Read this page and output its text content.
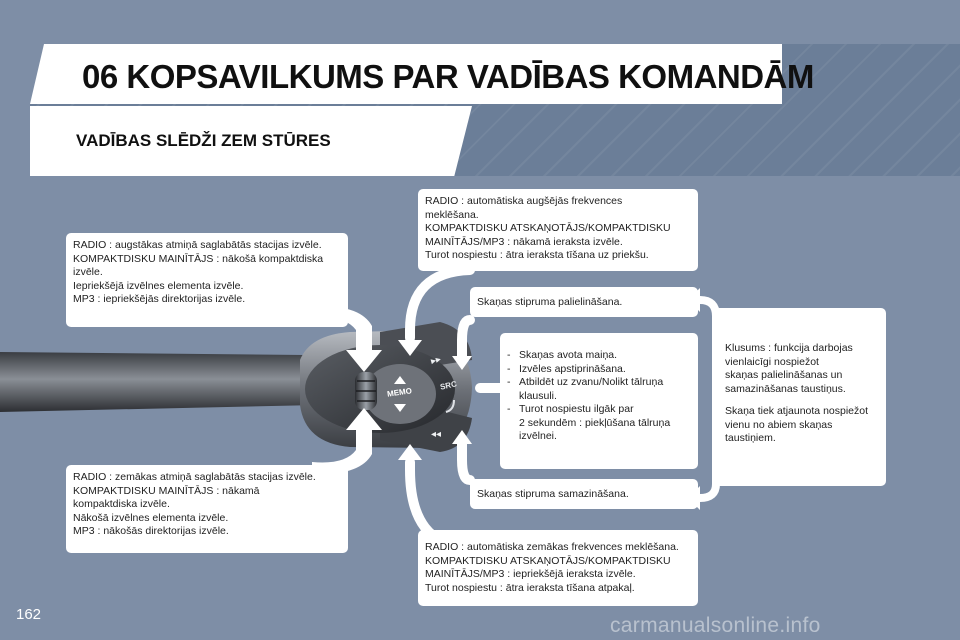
06 KOPSAVILKUMS PAR VADĪBAS KOMANDĀM
VADĪBAS SLĒDŽI ZEM STŪRES
RADIO : augstākas atmiņā saglabātās stacijas izvēle.
KOMPAKTDISKU MAINĪTĀJS : nākošā kompaktdiska
izvēle.
Iepriekšējā izvēlnes elementa izvēle.
MP3 : iepriekšējās direktorijas izvēle.
RADIO : zemākas atmiņā saglabātās stacijas izvēle.
KOMPAKTDISKU MAINĪTĀJS : nākamā
kompaktdiska izvēle.
Nākošā izvēlnes elementa izvēle.
MP3 : nākošās direktorijas izvēle.
RADIO : automātiska augšējās frekvences
meklēšana.
KOMPAKTDISKU ATSKAŅOTĀJS/KOMPAKTDISKU
MAINĪTĀJS/MP3 : nākamā ieraksta izvēle.
Turot nospiestu : ātra ieraksta tīšana uz priekšu.
Skaņas stipruma palielināšana.
- Skaņas avota maiņa.
- Izvēles apstiprināšana.
- Atbildēt uz zvanu/Nolikt tālruņa
klausuli.
- Turot nospiestu ilgāk par
2 sekundēm : piekļūšana tālruņa
izvēlnei.
Skaņas stipruma samazināšana.
RADIO : automātiska zemākas frekvences meklēšana.
KOMPAKTDISKU ATSKAŅOTĀJS/KOMPAKTDISKU
MAINĪTĀJS/MP3 : iepriekšējā ieraksta izvēle.
Turot nospiestu : ātra ieraksta tīšana atpakaļ.
Klusums : funkcija darbojas
vienlaicīgi nospiežot
skaņas palielināšanas un
samazināšanas taustiņus.
Skaņa tiek atjaunota nospiežot
vienu no abiem skaņas
taustiņiem.
MEMO
SRC
▸▸
◂◂
162	carmanualsonline.info
